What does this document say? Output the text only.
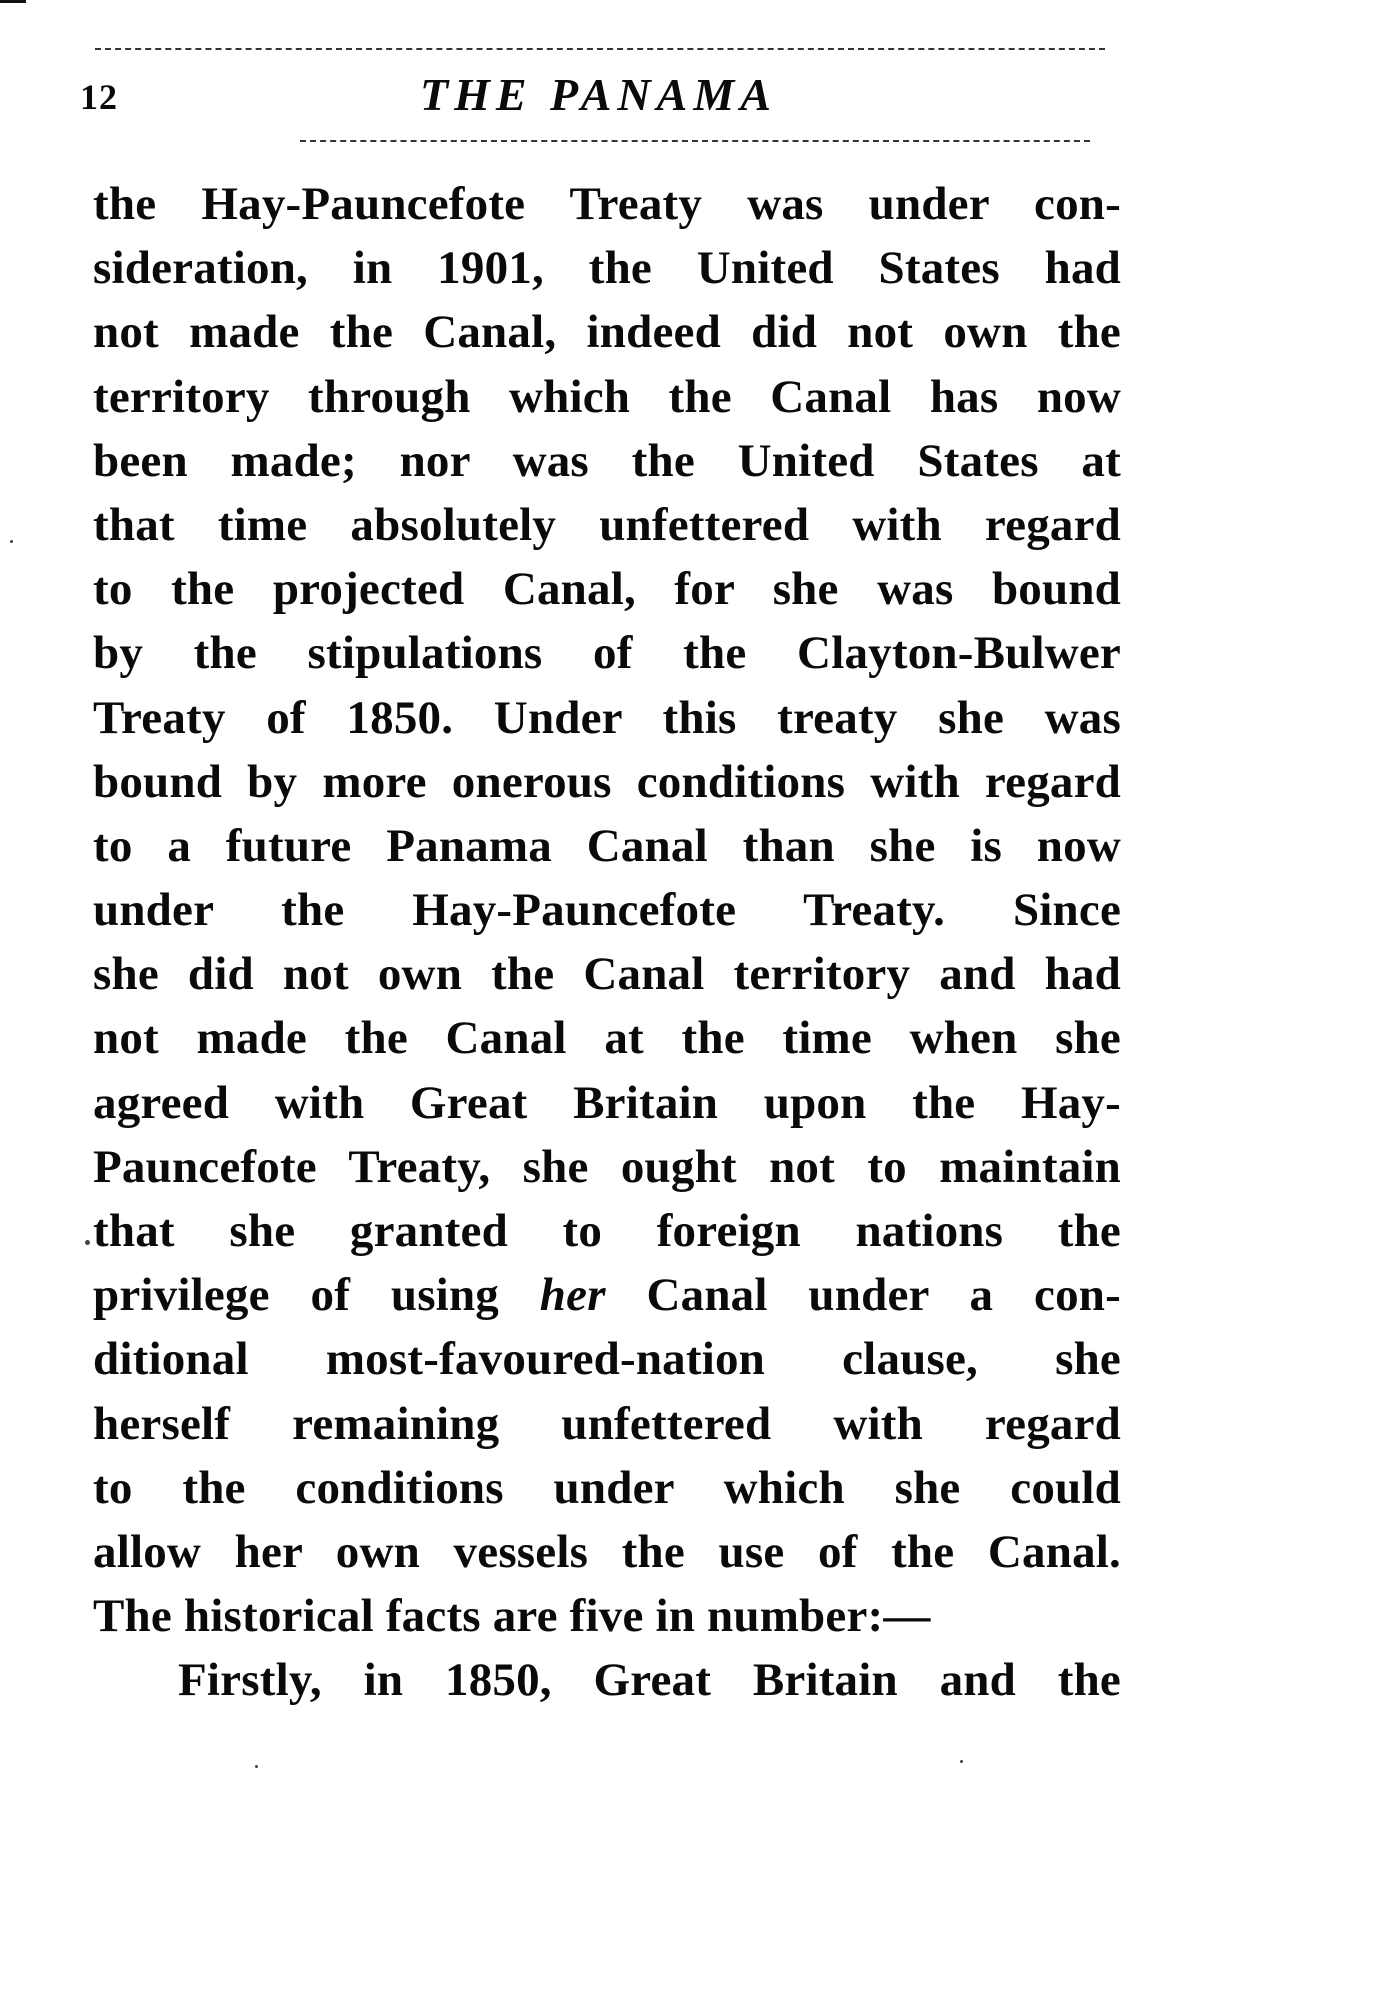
12	THE PANAMA
the Hay-Pauncefote Treaty was under con-
sideration, in 1901, the United States had
not made the Canal, indeed did not own the
territory through which the Canal has now
been made; nor was the United States at
that time absolutely unfettered with regard
to the projected Canal, for she was bound
by the stipulations of the Clayton-Bulwer
Treaty of 1850. Under this treaty she was
bound by more onerous conditions with regard
to a future Panama Canal than she is now
under the Hay-Pauncefote Treaty. Since
she did not own the Canal territory and had
not made the Canal at the time when she
agreed with Great Britain upon the Hay-
Pauncefote Treaty, she ought not to maintain
that she granted to foreign nations the
privilege of using her Canal under a con-
ditional most-favoured-nation clause, she
herself remaining unfettered with regard
to the conditions under which she could
allow her own vessels the use of the Canal.
The historical facts are five in number:—
Firstly, in 1850, Great Britain and the
